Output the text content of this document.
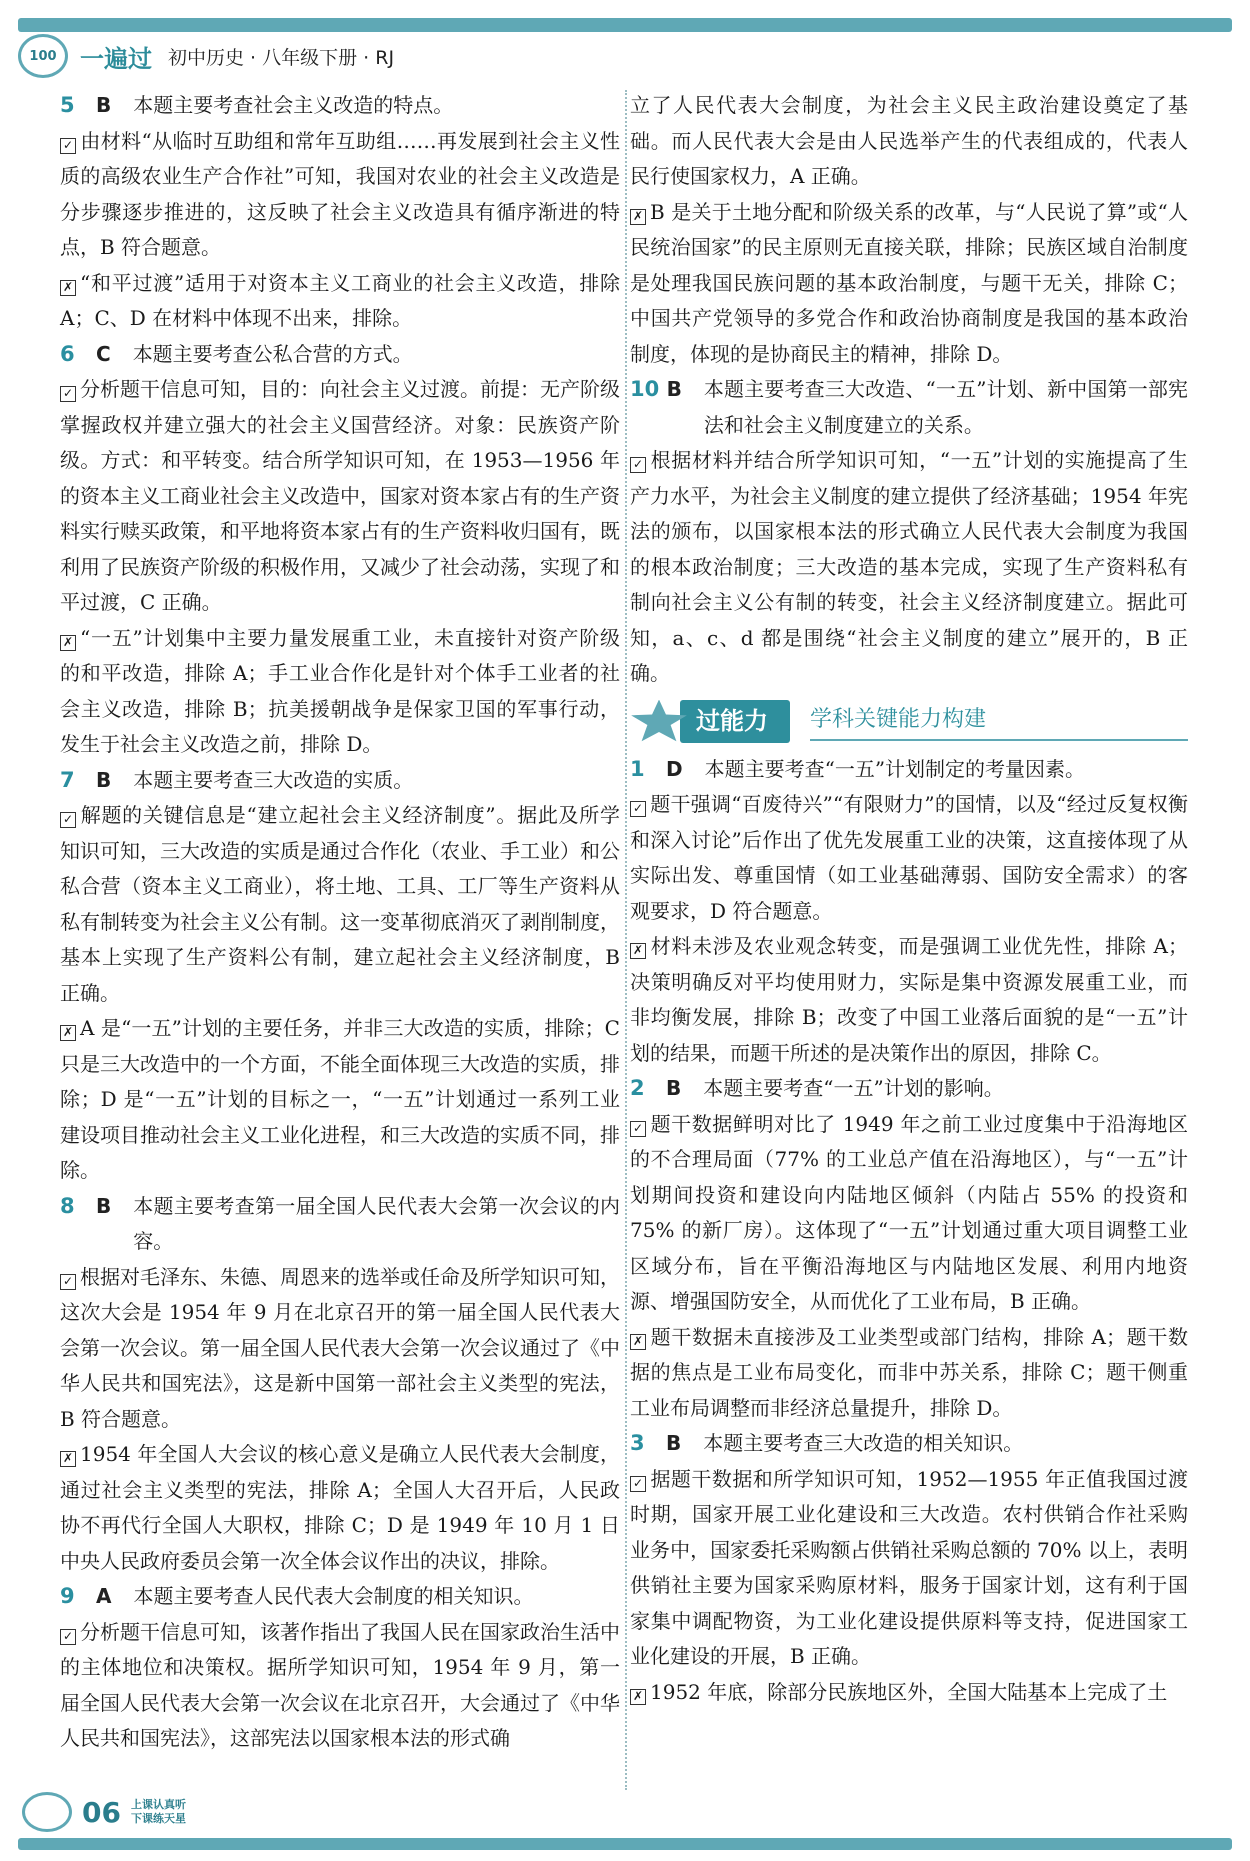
100 一遍过 初中历史 · 八年级下册 · RJ
5 B 本题主要考查社会主义改造的特点。
✓ 由材料“从临时互助组和常年互助组……再发展到社会主义性质的高级农业生产合作社”可知，我国对农业的社会主义改造是分步骤逐步推进的，这反映了社会主义改造具有循序渐进的特点，B 符合题意。
✗ “和平过渡”适用于对资本主义工商业的社会主义改造，排除 A；C、D 在材料中体现不出来，排除。
6 C 本题主要考查公私合营的方式。
✓ 分析题干信息可知，目的：向社会主义过渡。前提：无产阶级掌握政权并建立强大的社会主义国营经济。对象：民族资产阶级。方式：和平转变。结合所学知识可知，在 1953—1956 年的资本主义工商业社会主义改造中，国家对资本家占有的生产资料实行赎买政策，和平地将资本家占有的生产资料收归国有，既利用了民族资产阶级的积极作用，又减少了社会动荡，实现了和平过渡，C 正确。
✗ “一五”计划集中主要力量发展重工业，未直接针对资产阶级的和平改造，排除 A；手工业合作化是针对个体手工业者的社会主义改造，排除 B；抗美援朝战争是保家卫国的军事行动，发生于社会主义改造之前，排除 D。
7 B 本题主要考查三大改造的实质。
✓ 解题的关键信息是“建立起社会主义经济制度”。据此及所学知识可知，三大改造的实质是通过合作化（农业、手工业）和公私合营（资本主义工商业），将土地、工具、工厂等生产资料从私有制转变为社会主义公有制。这一变革彻底消灭了剥削制度，基本上实现了生产资料公有制，建立起社会主义经济制度，B 正确。
✗ A 是“一五”计划的主要任务，并非三大改造的实质，排除；C 只是三大改造中的一个方面，不能全面体现三大改造的实质，排除；D 是“一五”计划的目标之一，“一五”计划通过一系列工业建设项目推动社会主义工业化进程，和三大改造的实质不同，排除。
8 B 本题主要考查第一届全国人民代表大会第一次会议的内容。
✓ 根据对毛泽东、朱德、周恩来的选举或任命及所学知识可知，这次大会是 1954 年 9 月在北京召开的第一届全国人民代表大会第一次会议。第一届全国人民代表大会第一次会议通过了《中华人民共和国宪法》，这是新中国第一部社会主义类型的宪法，B 符合题意。
✗ 1954 年全国人大会议的核心意义是确立人民代表大会制度，通过社会主义类型的宪法，排除 A；全国人大召开后，人民政协不再代行全国人大职权，排除 C；D 是 1949 年 10 月 1 日中央人民政府委员会第一次全体会议作出的决议，排除。
9 A 本题主要考查人民代表大会制度的相关知识。
✓ 分析题干信息可知，该著作指出了我国人民在国家政治生活中的主体地位和决策权。据所学知识可知，1954 年 9 月，第一届全国人民代表大会第一次会议在北京召开，大会通过了《中华人民共和国宪法》，这部宪法以国家根本法的形式确
立了人民代表大会制度，为社会主义民主政治建设奠定了基础。而人民代表大会是由人民选举产生的代表组成的，代表人民行使国家权力，A 正确。
✗ B 是关于土地分配和阶级关系的改革，与“人民说了算”或“人民统治国家”的民主原则无直接关联，排除；民族区域自治制度是处理我国民族问题的基本政治制度，与题干无关，排除 C；中国共产党领导的多党合作和政治协商制度是我国的基本政治制度，体现的是协商民主的精神，排除 D。
10 B 本题主要考查三大改造、“一五”计划、新中国第一部宪法和社会主义制度建立的关系。
✓ 根据材料并结合所学知识可知，“一五”计划的实施提高了生产力水平，为社会主义制度的建立提供了经济基础；1954 年宪法的颁布，以国家根本法的形式确立人民代表大会制度为我国的根本政治制度；三大改造的基本完成，实现了生产资料私有制向社会主义公有制的转变，社会主义经济制度建立。据此可知，a、c、d 都是围绕“社会主义制度的建立”展开的，B 正确。
过能力	学科关键能力构建
1 D 本题主要考查“一五”计划制定的考量因素。
✓ 题干强调“百废待兴”“有限财力”的国情，以及“经过反复权衡和深入讨论”后作出了优先发展重工业的决策，这直接体现了从实际出发、尊重国情（如工业基础薄弱、国防安全需求）的客观要求，D 符合题意。
✗ 材料未涉及农业观念转变，而是强调工业优先性，排除 A；决策明确反对平均使用财力，实际是集中资源发展重工业，而非均衡发展，排除 B；改变了中国工业落后面貌的是“一五”计划的结果，而题干所述的是决策作出的原因，排除 C。
2 B 本题主要考查“一五”计划的影响。
✓ 题干数据鲜明对比了 1949 年之前工业过度集中于沿海地区的不合理局面（77% 的工业总产值在沿海地区），与“一五”计划期间投资和建设向内陆地区倾斜（内陆占 55% 的投资和 75% 的新厂房）。这体现了“一五”计划通过重大项目调整工业区域分布，旨在平衡沿海地区与内陆地区发展、利用内地资源、增强国防安全，从而优化了工业布局，B 正确。
✗ 题干数据未直接涉及工业类型或部门结构，排除 A；题干数据的焦点是工业布局变化，而非中苏关系，排除 C；题干侧重工业布局调整而非经济总量提升，排除 D。
3 B 本题主要考查三大改造的相关知识。
✓ 据题干数据和所学知识可知，1952—1955 年正值我国过渡时期，国家开展工业化建设和三大改造。农村供销合作社采购业务中，国家委托采购额占供销社采购总额的 70% 以上，表明供销社主要为国家采购原材料，服务于国家计划，这有利于国家集中调配物资，为工业化建设提供原料等支持，促进国家工业化建设的开展，B 正确。
✗ 1952 年底，除部分民族地区外，全国大陆基本上完成了土
06 上课认真听
下课练天星
